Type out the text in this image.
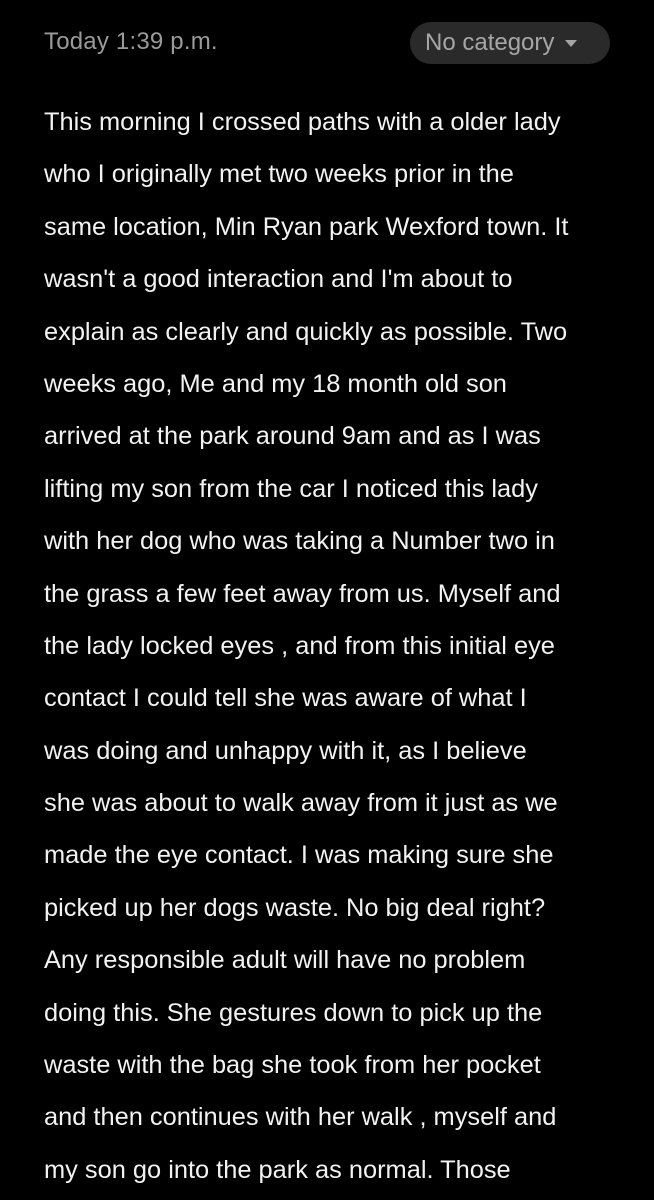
Today 1:39 p.m.	No category
This morning I crossed paths with a older lady
who I originally met two weeks prior in the
same location, Min Ryan park Wexford town. It
wasn't a good interaction and I'm about to
explain as clearly and quickly as possible. Two
weeks ago, Me and my 18 month old son
arrived at the park around 9am and as I was
lifting my son from the car I noticed this lady
with her dog who was taking a Number two in
the grass a few feet away from us. Myself and
the lady locked eyes , and from this initial eye
contact I could tell she was aware of what I
was doing and unhappy with it, as I believe
she was about to walk away from it just as we
made the eye contact. I was making sure she
picked up her dogs waste. No big deal right?
Any responsible adult will have no problem
doing this. She gestures down to pick up the
waste with the bag she took from her pocket
and then continues with her walk , myself and
my son go into the park as normal. Those
